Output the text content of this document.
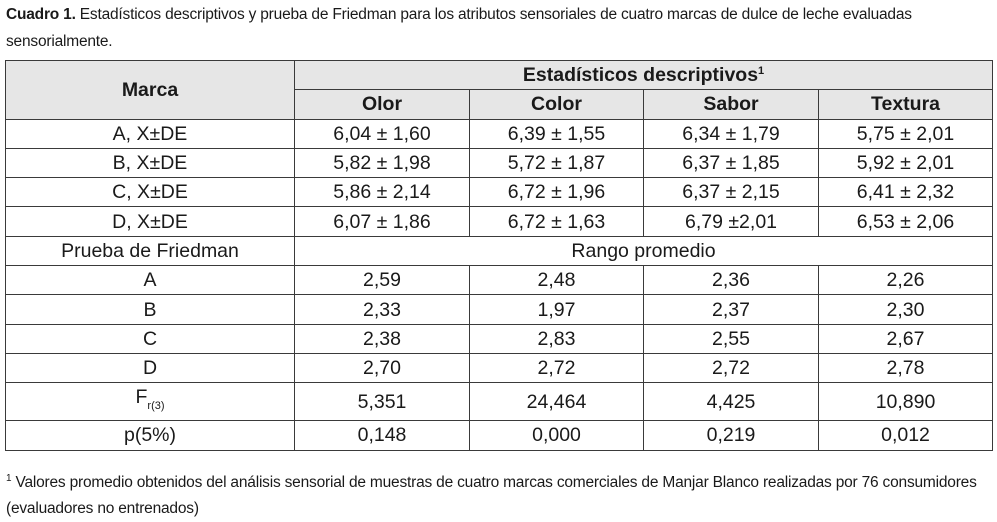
Cuadro 1. Estadísticos descriptivos y prueba de Friedman para los atributos sensoriales de cuatro marcas de dulce de leche evaluadas sensorialmente.
Marca	Estadísticos descriptivos$^1$
	Olor	Color	Sabor	Textura
A, X±DE	6,04 ± 1,60	6,39 ± 1,55	6,34 ± 1,79	5,75 ± 2,01
B, X±DE	5,82 ± 1,98	5,72 ± 1,87	6,37 ± 1,85	5,92 ± 2,01
C, X±DE	5,86 ± 2,14	6,72 ± 1,96	6,37 ± 2,15	6,41 ± 2,32
D, X±DE	6,07 ± 1,86	6,72 ± 1,63	6,79 ±2,01	6,53 ± 2,06
Prueba de Friedman	Rango promedio			
A	2,59	2,48	2,36	2,26
B	2,33	1,97	2,37	2,30
C	2,38	2,83	2,55	2,67
D	2,70	2,72	2,72	2,78
$F_{r(3)}$	5,351	24,464	4,425	10,890
p(5%)	0,148	0,000	0,219	0,012
$^1$ Valores promedio obtenidos del análisis sensorial de muestras de cuatro marcas comerciales de Manjar Blanco realizadas por 76 consumidores (evaluadores no entrenados)
